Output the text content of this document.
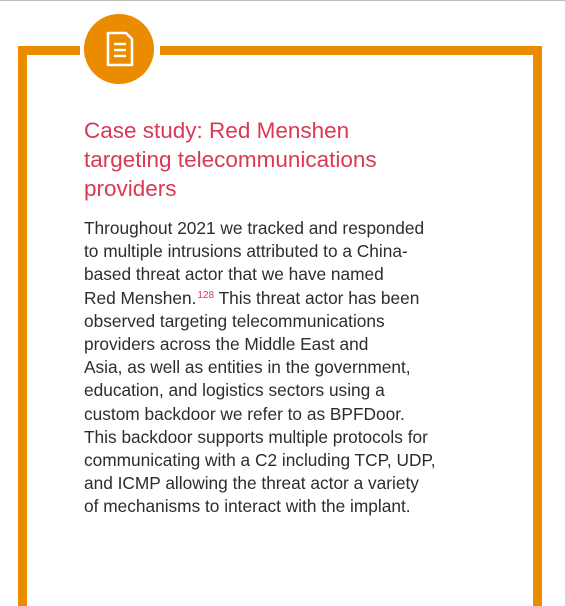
Case study: Red Menshen
targeting telecommunications
providers
Throughout 2021 we tracked and responded
to multiple intrusions attributed to a China-
based threat actor that we have named
Red Menshen.$^{128}$ This threat actor has been
observed targeting telecommunications
providers across the Middle East and
Asia, as well as entities in the government,
education, and logistics sectors using a
custom backdoor we refer to as BPFDoor.
This backdoor supports multiple protocols for
communicating with a C2 including TCP, UDP,
and ICMP allowing the threat actor a variety
of mechanisms to interact with the implant.
